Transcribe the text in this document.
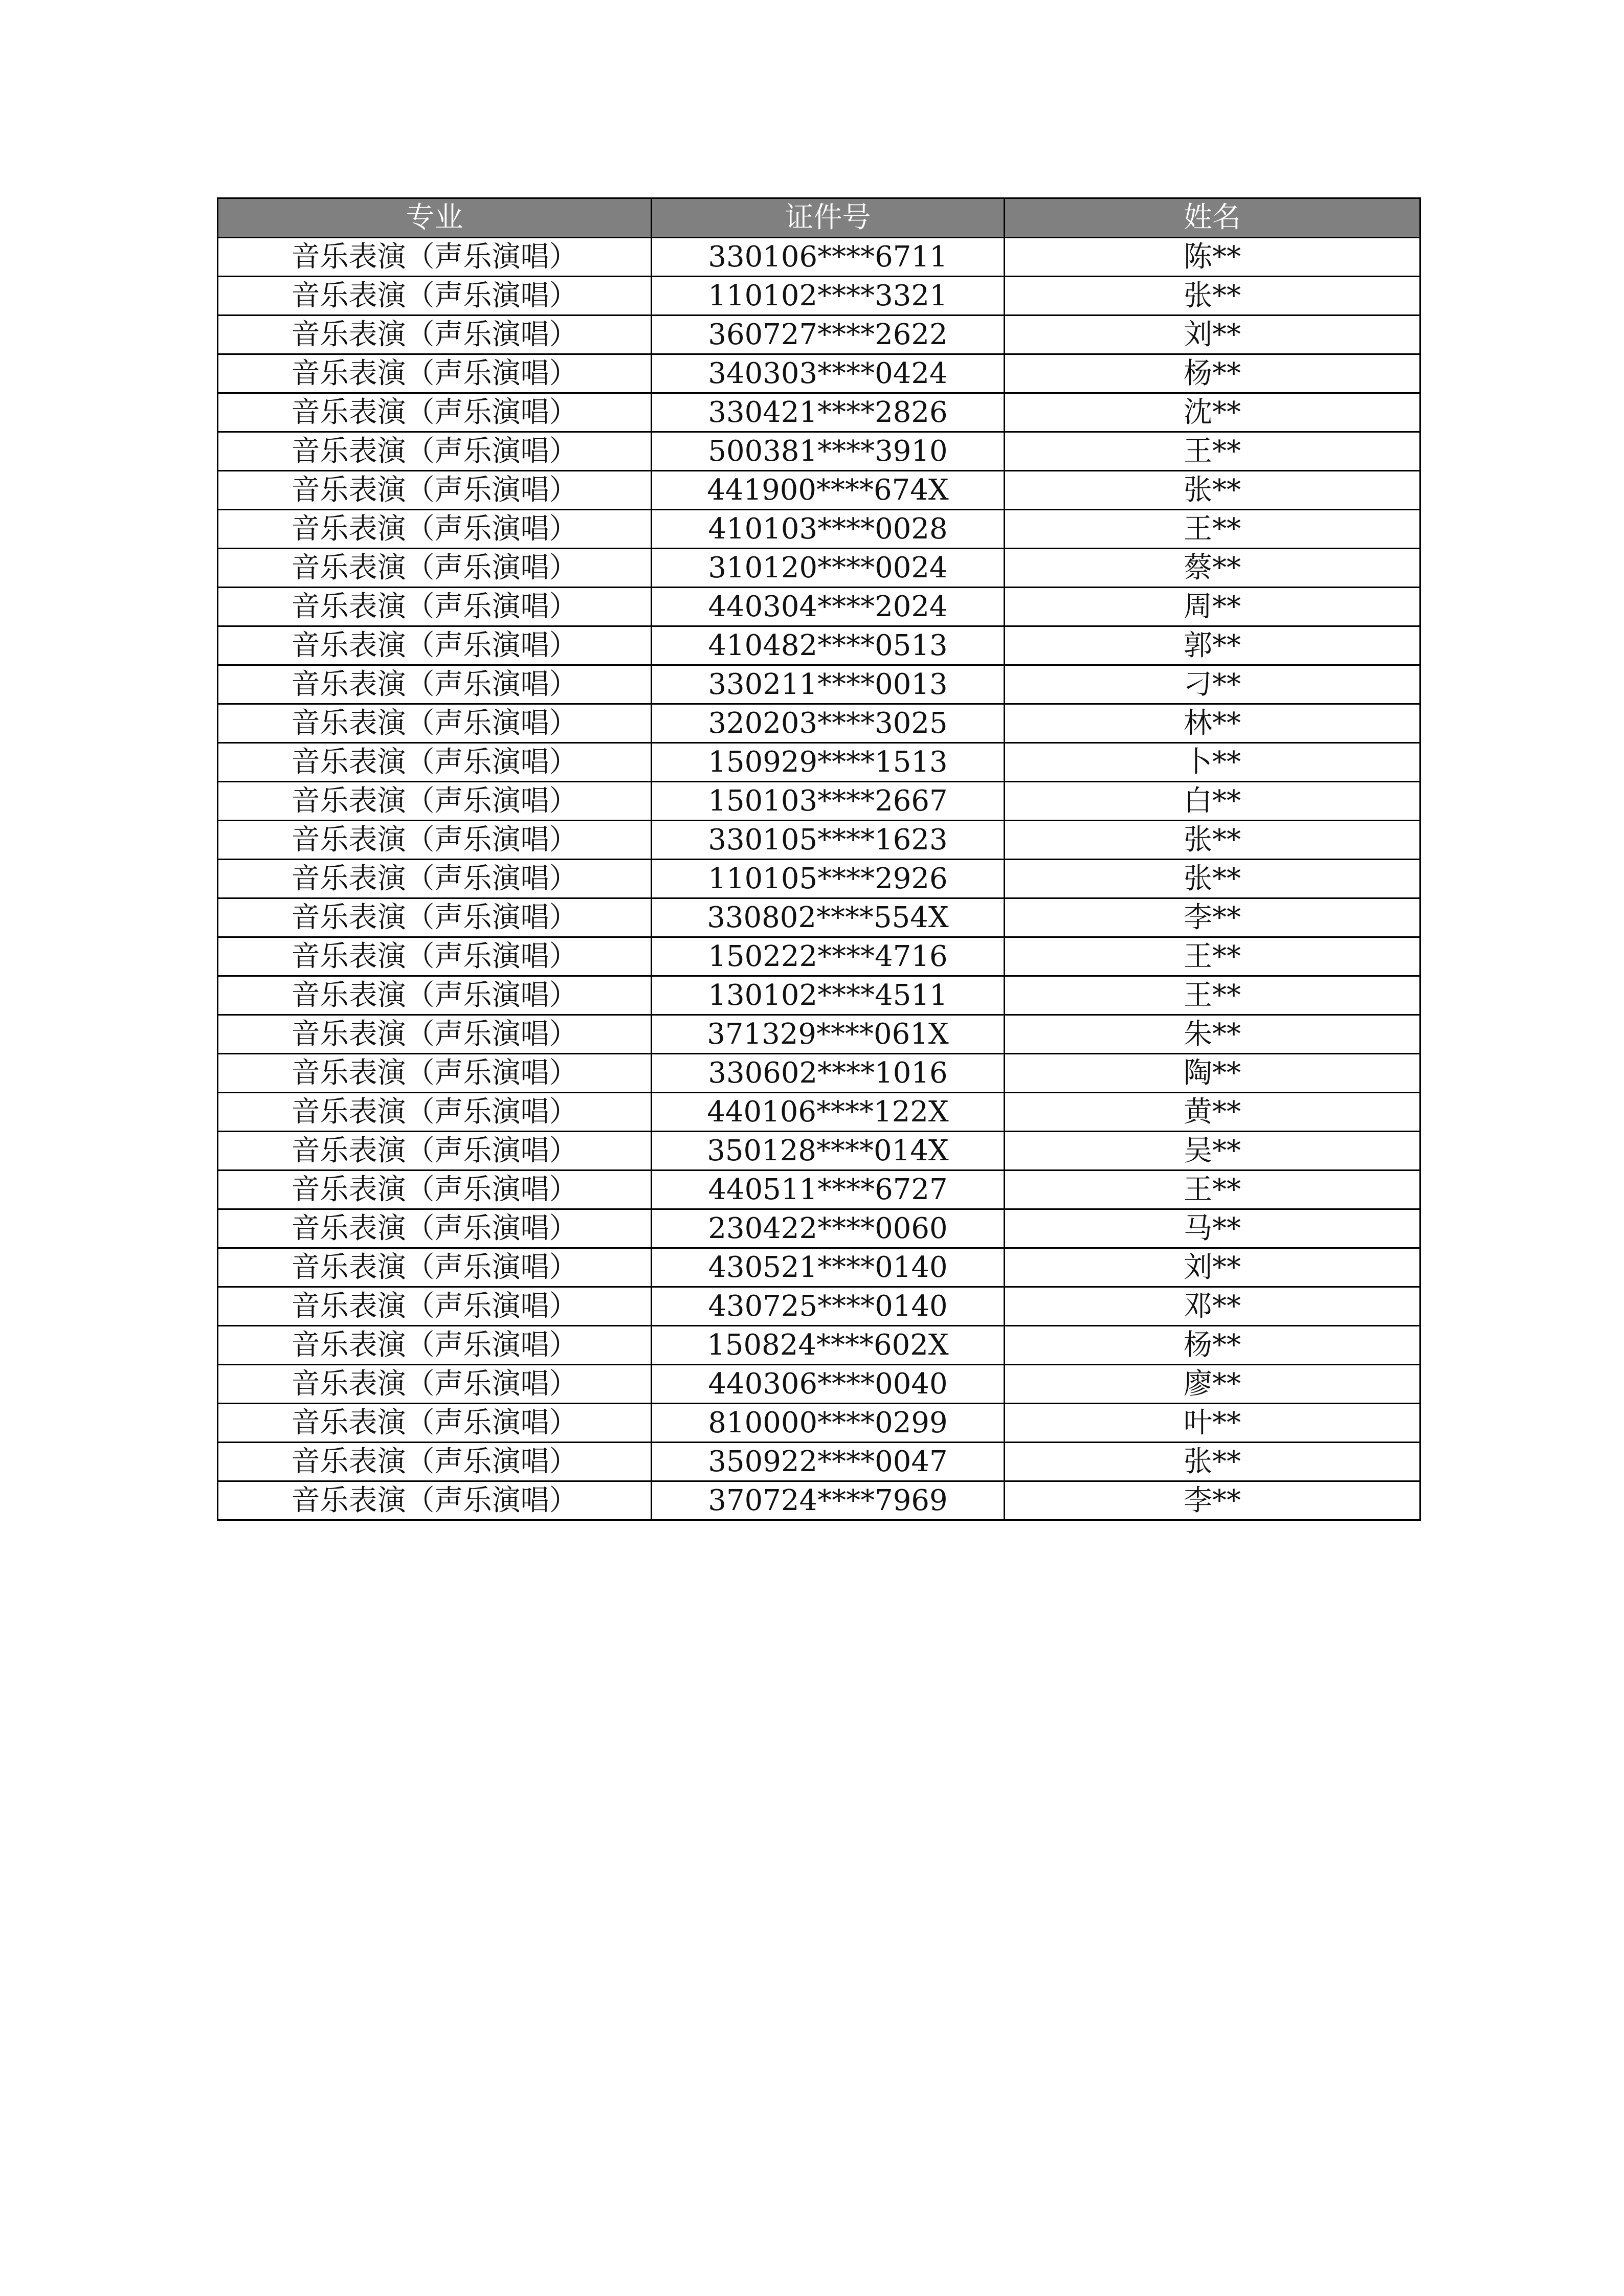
专业	证件号	姓名
音乐表演（声乐演唱）	330106****6711	陈**
音乐表演（声乐演唱）	110102****3321	张**
音乐表演（声乐演唱）	360727****2622	刘**
音乐表演（声乐演唱）	340303****0424	杨**
音乐表演（声乐演唱）	330421****2826	沈**
音乐表演（声乐演唱）	500381****3910	王**
音乐表演（声乐演唱）	441900****674X	张**
音乐表演（声乐演唱）	410103****0028	王**
音乐表演（声乐演唱）	310120****0024	蔡**
音乐表演（声乐演唱）	440304****2024	周**
音乐表演（声乐演唱）	410482****0513	郭**
音乐表演（声乐演唱）	330211****0013	刁**
音乐表演（声乐演唱）	320203****3025	林**
音乐表演（声乐演唱）	150929****1513	卜**
音乐表演（声乐演唱）	150103****2667	白**
音乐表演（声乐演唱）	330105****1623	张**
音乐表演（声乐演唱）	110105****2926	张**
音乐表演（声乐演唱）	330802****554X	李**
音乐表演（声乐演唱）	150222****4716	王**
音乐表演（声乐演唱）	130102****4511	王**
音乐表演（声乐演唱）	371329****061X	朱**
音乐表演（声乐演唱）	330602****1016	陶**
音乐表演（声乐演唱）	440106****122X	黄**
音乐表演（声乐演唱）	350128****014X	吴**
音乐表演（声乐演唱）	440511****6727	王**
音乐表演（声乐演唱）	230422****0060	马**
音乐表演（声乐演唱）	430521****0140	刘**
音乐表演（声乐演唱）	430725****0140	邓**
音乐表演（声乐演唱）	150824****602X	杨**
音乐表演（声乐演唱）	440306****0040	廖**
音乐表演（声乐演唱）	810000****0299	叶**
音乐表演（声乐演唱）	350922****0047	张**
音乐表演（声乐演唱）	370724****7969	李**
